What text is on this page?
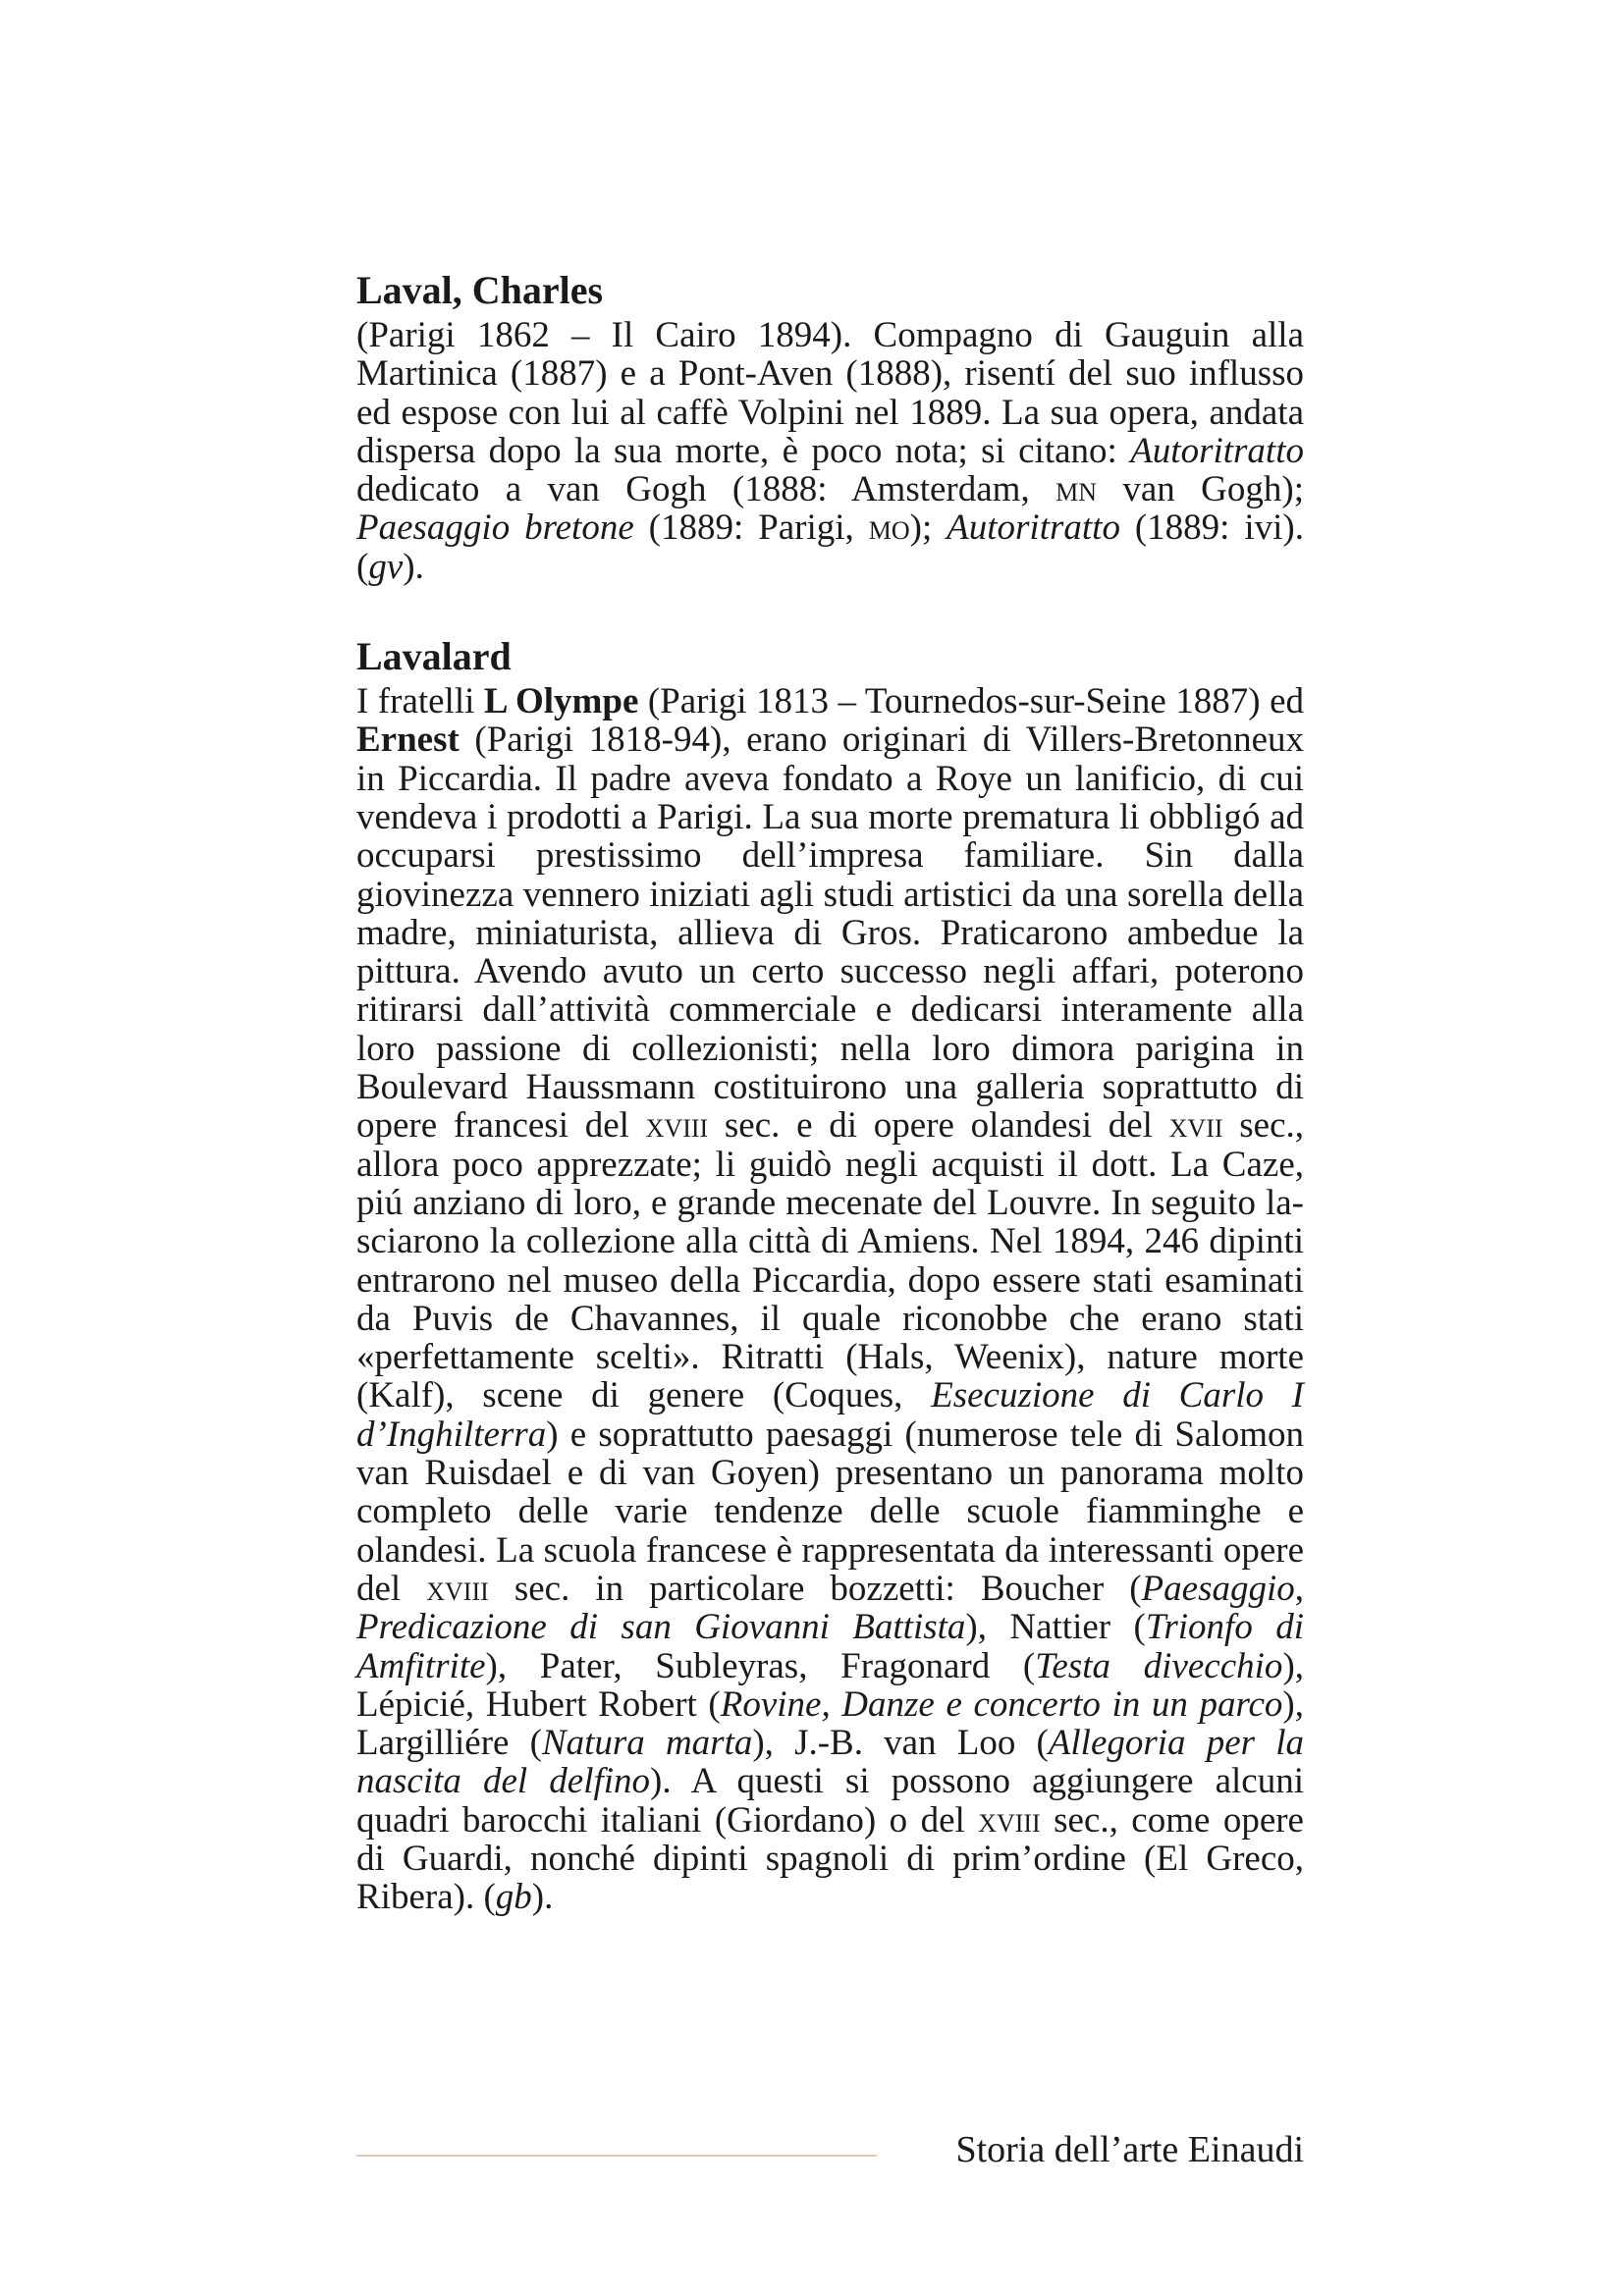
Laval, Charles

(Parigi 1862 – Il Cairo 1894). Compagno di Gauguin alla Martinica (1887) e a Pont-Aven (1888), risentí del suo influsso ed espose con lui al caffè Volpini nel 1889. La sua opera, andata dispersa dopo la sua morte, è poco nota; si citano: Autoritratto dedicato a van Gogh (1888: Amsterdam, mn van Gogh); Paesaggio bretone (1889: Parigi, mo); Autoritratto (1889: ivi). (gv).

Lavalard

I fratelli L Olympe (Parigi 1813 – Tournedos-sur-Seine 1887) ed Ernest (Parigi 1818-94), erano originari di Villers-Bretonneux in Piccardia. Il padre aveva fondato a Roye un lanificio, di cui vendeva i prodotti a Parigi. La sua morte prematura li obbligó ad occuparsi prestissimo dell’impresa familiare. Sin dalla giovinezza vennero iniziati agli studi artistici da una sorella della madre, miniaturista, allieva di Gros. Praticarono ambedue la pittura. Avendo avuto un certo successo negli affari, poterono ritirarsi dall’attività commerciale e dedicarsi interamente alla loro passione di collezionisti; nella loro dimora parigina in Boulevard Haussmann costituirono una galleria soprattutto di opere francesi del xviii sec. e di opere olandesi del xvii sec., allora poco apprezzate; li guidò negli acquisti il dott. La Caze, piú anziano di loro, e grande mecenate del Louvre. In seguito lasciarono la collezione alla città di Amiens. Nel 1894, 246 dipinti entrarono nel museo della Piccardia, dopo essere stati esaminati da Puvis de Chavannes, il quale riconobbe che erano stati «perfettamente scelti». Ritratti (Hals, Weenix), nature morte (Kalf), scene di genere (Coques, Esecuzione di Carlo I d’Inghilterra) e soprattutto paesaggi (numerose tele di Salomon van Ruisdael e di van Goyen) presentano un panorama molto completo delle varie tendenze delle scuole fiamminghe e olandesi. La scuola francese è rappresentata da interessanti opere del xviii sec. in particolare bozzetti: Boucher (Paesaggio, Predicazione di san Giovanni Battista), Nattier (Trionfo di Amfitrite), Pater, Subleyras, Fragonard (Testa divecchio), Lépicié, Hubert Robert (Rovine, Danze e concerto in un parco), Largilliére (Natura marta), J.-B. van Loo (Allegoria per la nascita del delfino). A questi si possono aggiungere alcuni quadri barocchi italiani (Giordano) o del xviii sec., come opere di Guardi, nonché dipinti spagnoli di prim’ordine (El Greco, Ribera). (gb).

Storia dell’arte Einaudi
